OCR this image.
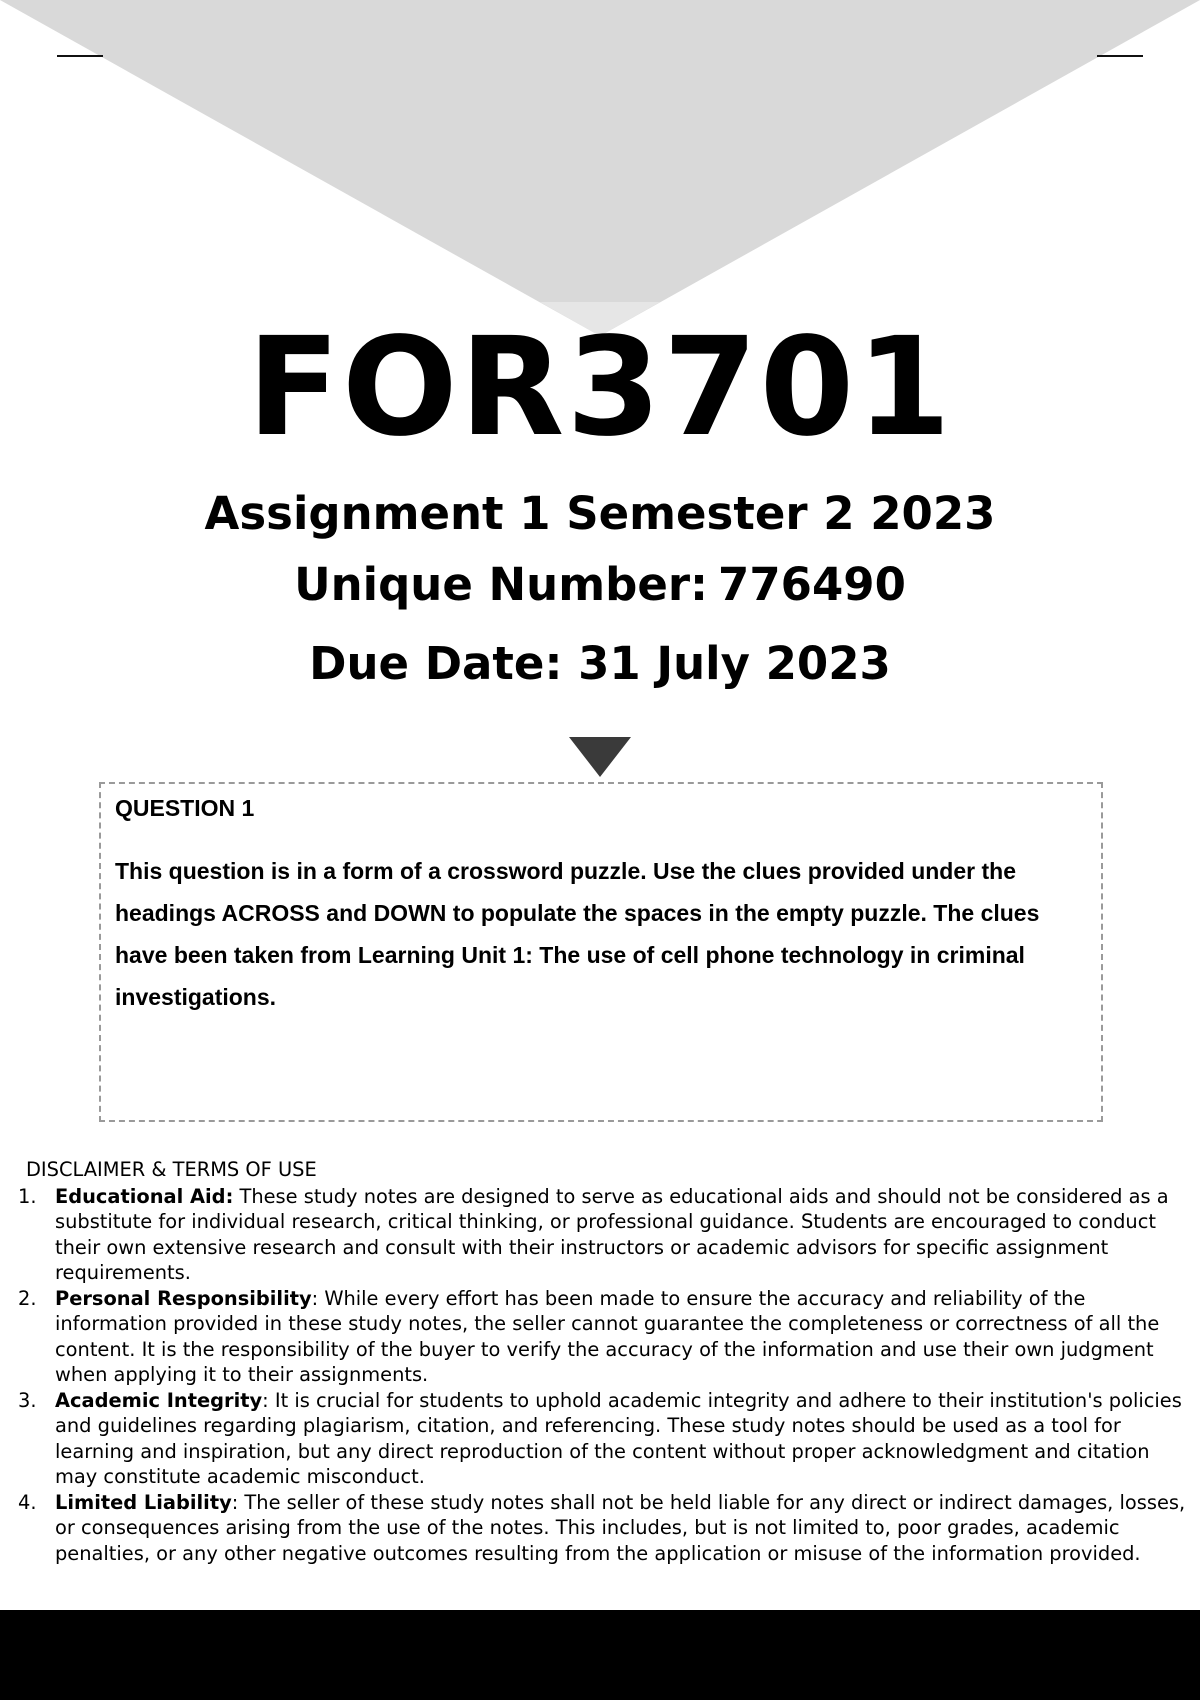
FOR3701
Assignment 1 Semester 2 2023
Unique Number: 776490
Due Date: 31 July 2023
QUESTION 1
This question is in a form of a crossword puzzle. Use the clues provided under the headings ACROSS and DOWN to populate the spaces in the empty puzzle. The clues have been taken from Learning Unit 1: The use of cell phone technology in criminal investigations.
DISCLAIMER & TERMS OF USE
1. Educational Aid: These study notes are designed to serve as educational aids and should not be considered as a substitute for individual research, critical thinking, or professional guidance. Students are encouraged to conduct their own extensive research and consult with their instructors or academic advisors for specific assignment requirements.
2. Personal Responsibility: While every effort has been made to ensure the accuracy and reliability of the information provided in these study notes, the seller cannot guarantee the completeness or correctness of all the content. It is the responsibility of the buyer to verify the accuracy of the information and use their own judgment when applying it to their assignments.
3. Academic Integrity: It is crucial for students to uphold academic integrity and adhere to their institution's policies and guidelines regarding plagiarism, citation, and referencing. These study notes should be used as a tool for learning and inspiration, but any direct reproduction of the content without proper acknowledgment and citation may constitute academic misconduct.
4. Limited Liability: The seller of these study notes shall not be held liable for any direct or indirect damages, losses, or consequences arising from the use of the notes. This includes, but is not limited to, poor grades, academic penalties, or any other negative outcomes resulting from the application or misuse of the information provided.
